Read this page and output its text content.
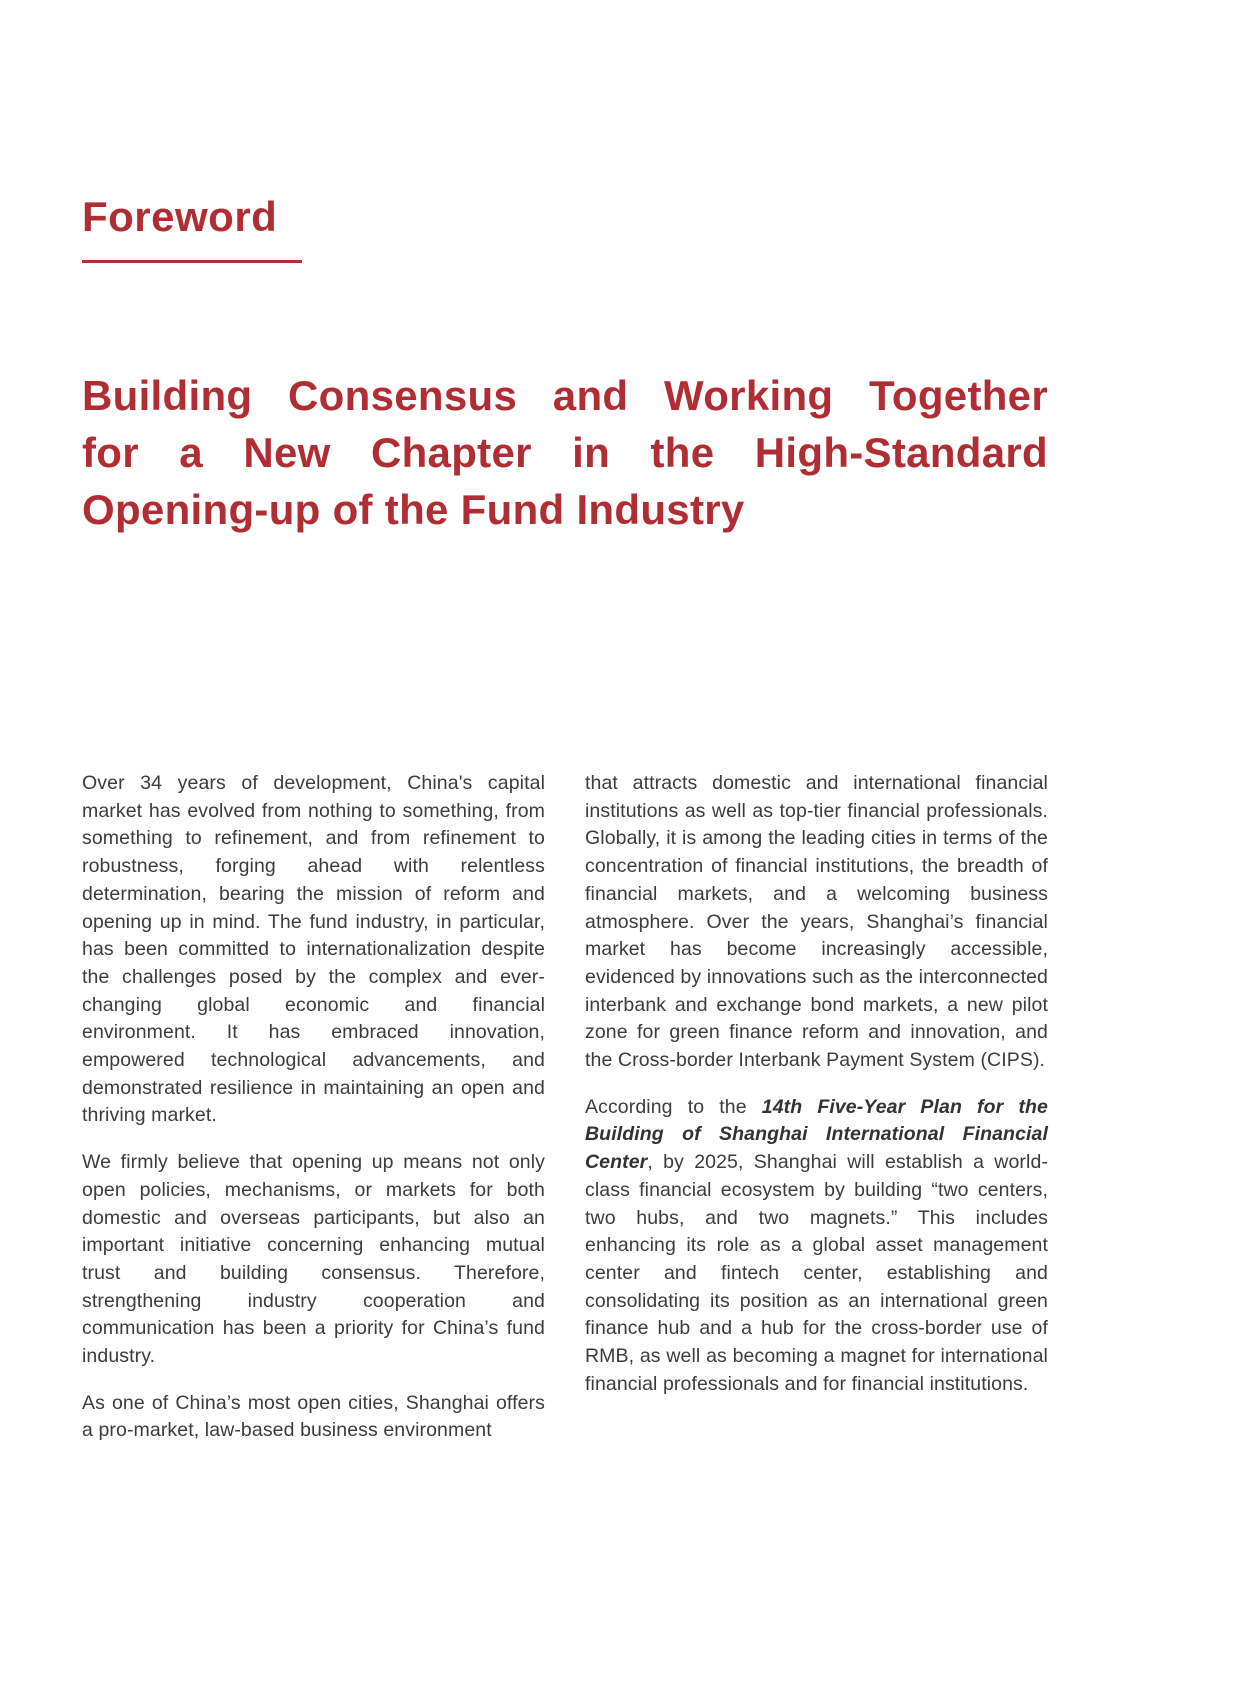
Foreword
Building Consensus and Working Together
for a New Chapter in the High-Standard
Opening-up of the Fund Industry

Over 34 years of development, China's capital market has evolved from nothing to something, from something to refinement, and from refinement to robustness, forging ahead with relentless determination, bearing the mission of reform and opening up in mind. The fund industry, in particular, has been committed to internationalization despite the challenges posed by the complex and ever-changing global economic and financial environment. It has embraced innovation, empowered technological advancements, and demonstrated resilience in maintaining an open and thriving market.

We firmly believe that opening up means not only open policies, mechanisms, or markets for both domestic and overseas participants, but also an important initiative concerning enhancing mutual trust and building consensus. Therefore, strengthening industry cooperation and communication has been a priority for China’s fund industry.

As one of China’s most open cities, Shanghai offers a pro-market, law-based business environment

that attracts domestic and international financial institutions as well as top-tier financial professionals. Globally, it is among the leading cities in terms of the concentration of financial institutions, the breadth of financial markets, and a welcoming business atmosphere. Over the years, Shanghai’s financial market has become increasingly accessible, evidenced by innovations such as the interconnected interbank and exchange bond markets, a new pilot zone for green finance reform and innovation, and the Cross-border Interbank Payment System (CIPS).

According to the 14th Five-Year Plan for the Building of Shanghai International Financial Center, by 2025, Shanghai will establish a world-class financial ecosystem by building “two centers, two hubs, and two magnets.” This includes enhancing its role as a global asset management center and fintech center, establishing and consolidating its position as an international green finance hub and a hub for the cross-border use of RMB, as well as becoming a magnet for international financial professionals and for financial institutions.
